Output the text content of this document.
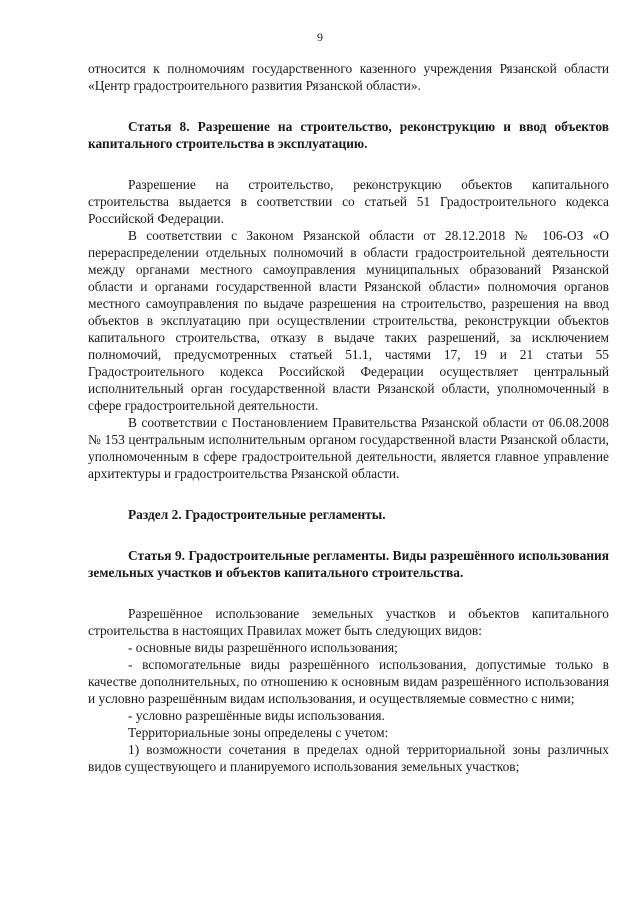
9

относится к полномочиям государственного казенного учреждения Рязанской области «Центр градостроительного развития Рязанской области».

Статья 8. Разрешение на строительство, реконструкцию и ввод объектов капитального строительства в эксплуатацию.

Разрешение на строительство, реконструкцию объектов капитального строительства выдается в соответствии со статьей 51 Градостроительного кодекса Российской Федерации.

В соответствии с Законом Рязанской области от 28.12.2018 № 106-ОЗ «О перераспределении отдельных полномочий в области градостроительной деятельности между органами местного самоуправления муниципальных образований Рязанской области и органами государственной власти Рязанской области» полномочия органов местного самоуправления по выдаче разрешения на строительство, разрешения на ввод объектов в эксплуатацию при осуществлении строительства, реконструкции объектов капитального строительства, отказу в выдаче таких разрешений, за исключением полномочий, предусмотренных статьей 51.1, частями 17, 19 и 21 статьи 55 Градостроительного кодекса Российской Федерации осуществляет центральный исполнительный орган государственной власти Рязанской области, уполномоченный в сфере градостроительной деятельности.

В соответствии с Постановлением Правительства Рязанской области от 06.08.2008 № 153 центральным исполнительным органом государственной власти Рязанской области, уполномоченным в сфере градостроительной деятельности, является главное управление архитектуры и градостроительства Рязанской области.

Раздел 2. Градостроительные регламенты.

Статья 9. Градостроительные регламенты. Виды разрешённого использования земельных участков и объектов капитального строительства.

Разрешённое использование земельных участков и объектов капитального строительства в настоящих Правилах может быть следующих видов:

- основные виды разрешённого использования;

- вспомогательные виды разрешённого использования, допустимые только в качестве дополнительных, по отношению к основным видам разрешённого использования и условно разрешённым видам использования, и осуществляемые совместно с ними;

- условно разрешённые виды использования.

Территориальные зоны определены с учетом:

1) возможности сочетания в пределах одной территориальной зоны различных видов существующего и планируемого использования земельных участков;
